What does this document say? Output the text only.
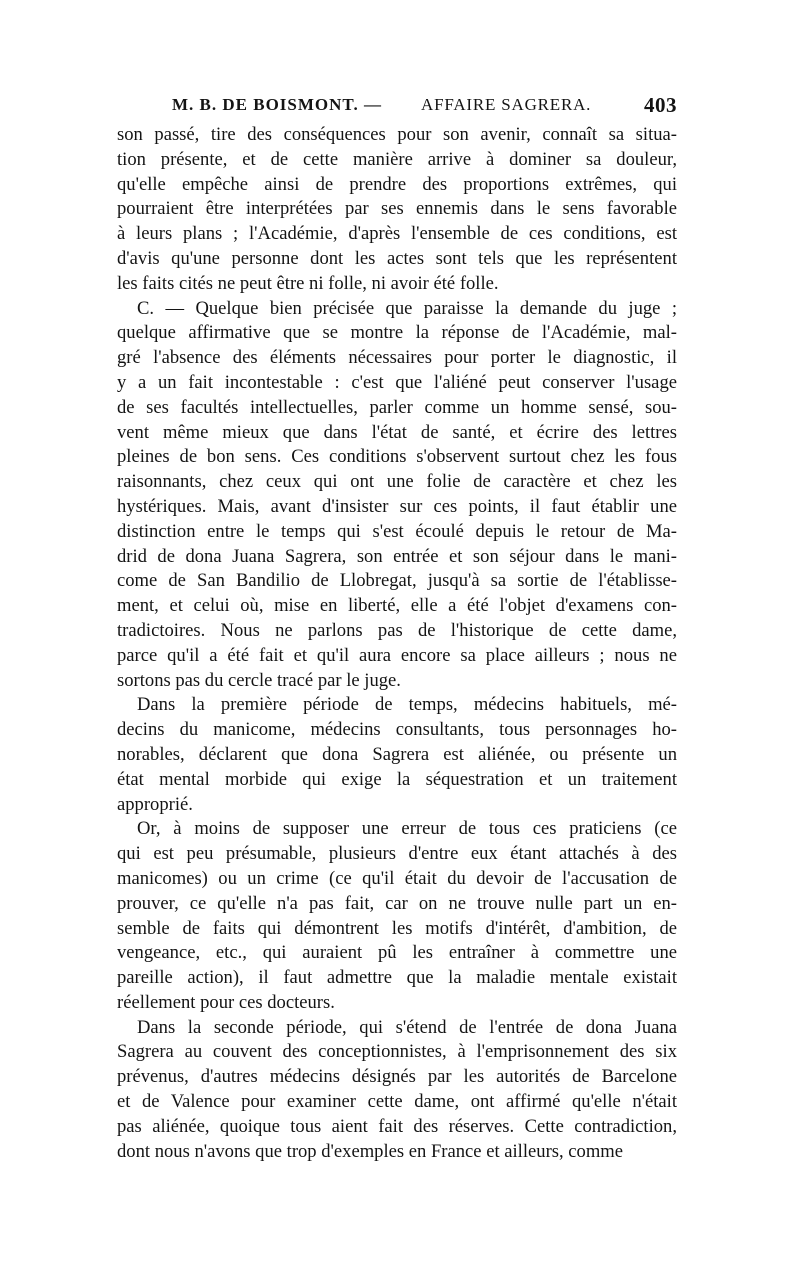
M. B. DE BOISMONT. — AFFAIRE SAGRERA.	403
son passé, tire des conséquences pour son avenir, connaît sa situa-
tion présente, et de cette manière arrive à dominer sa douleur,
qu'elle empêche ainsi de prendre des proportions extrêmes, qui
pourraient être interprétées par ses ennemis dans le sens favorable
à leurs plans ; l'Académie, d'après l'ensemble de ces conditions, est
d'avis qu'une personne dont les actes sont tels que les représentent
les faits cités ne peut être ni folle, ni avoir été folle.
C. — Quelque bien précisée que paraisse la demande du juge ;
quelque affirmative que se montre la réponse de l'Académie, mal-
gré l'absence des éléments nécessaires pour porter le diagnostic, il
y a un fait incontestable : c'est que l'aliéné peut conserver l'usage
de ses facultés intellectuelles, parler comme un homme sensé, sou-
vent même mieux que dans l'état de santé, et écrire des lettres
pleines de bon sens. Ces conditions s'observent surtout chez les fous
raisonnants, chez ceux qui ont une folie de caractère et chez les
hystériques. Mais, avant d'insister sur ces points, il faut établir une
distinction entre le temps qui s'est écoulé depuis le retour de Ma-
drid de dona Juana Sagrera, son entrée et son séjour dans le mani-
come de San Bandilio de Llobregat, jusqu'à sa sortie de l'établisse-
ment, et celui où, mise en liberté, elle a été l'objet d'examens con-
tradictoires. Nous ne parlons pas de l'historique de cette dame,
parce qu'il a été fait et qu'il aura encore sa place ailleurs ; nous ne
sortons pas du cercle tracé par le juge.
Dans la première période de temps, médecins habituels, mé-
decins du manicome, médecins consultants, tous personnages ho-
norables, déclarent que dona Sagrera est aliénée, ou présente un
état mental morbide qui exige la séquestration et un traitement
approprié.
Or, à moins de supposer une erreur de tous ces praticiens (ce
qui est peu présumable, plusieurs d'entre eux étant attachés à des
manicomes) ou un crime (ce qu'il était du devoir de l'accusation de
prouver, ce qu'elle n'a pas fait, car on ne trouve nulle part un en-
semble de faits qui démontrent les motifs d'intérêt, d'ambition, de
vengeance, etc., qui auraient pû les entraîner à commettre une
pareille action), il faut admettre que la maladie mentale existait
réellement pour ces docteurs.
Dans la seconde période, qui s'étend de l'entrée de dona Juana
Sagrera au couvent des conceptionnistes, à l'emprisonnement des six
prévenus, d'autres médecins désignés par les autorités de Barcelone
et de Valence pour examiner cette dame, ont affirmé qu'elle n'était
pas aliénée, quoique tous aient fait des réserves. Cette contradiction,
dont nous n'avons que trop d'exemples en France et ailleurs, comme
